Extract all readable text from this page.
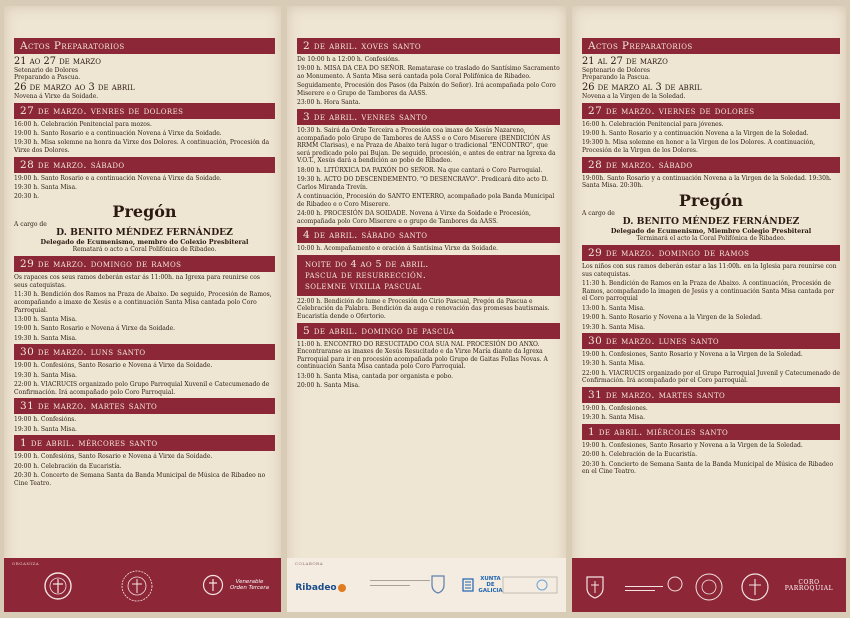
Actos Preparatorios
21 ao 27 de marzo
Setenario de Dolores
Preparando a Pascua.
26 de marzo ao 3 de abril
Novena á Virxe da Soidade.
27 de marzo. venres de dolores
16:00 h. Celebración Penitencial para mozos.
19:00 h. Santo Rosario e a continuación Novena á Virxe da Soidade.
19:30 h. Misa solemne na honra da Virxe dos Dolores. A continuación, Procesión da Virxe dos Dolores.
28 de marzo. sábado
19:00 h. Santo Rosario e a continuación Novena á Virxe da Soidade.
19:30 h. Santa Misa.
20:30 h.
Pregón
A cargo de
D. BENITO MÉNDEZ FERNÁNDEZ
Delegado de Ecumenismo, membro do Colexio Presbiteral
Rematará o acto a Coral Polifónica de Ribadeo.
29 de marzo. domingo de ramos
Os rapaces cos seus ramos deberán estar ás 11:00h. na Igrexa para reunirse cos seus catequistas.
11:30 h. Bendición dos Ramos na Praza de Abaixo. De seguido, Procesión de Ramos, acompañando a imaxe de Xesús e a continuación Santa Misa cantada polo Coro Parroquial.
13:00 h. Santa Misa.
19:00 h. Santo Rosario e Novena á Virxe da Soidade.
19:30 h. Santa Misa.
30 de marzo. luns santo
19:00 h. Confesións, Santo Rosario e Novena á Virxe da Soidade.
19:30 h. Santa Misa.
22:00 h. VIACRUCIS organizado polo Grupo Parroquial Xuvenil e Catecumenado de Confirmación. Irá acompañado polo Coro Parroquial.
31 de marzo. martes santo
19:00 h. Confesións.
19:30 h. Santa Misa.
1 de abril. mércores santo
19:00 h. Confesións, Santo Rosario e Novena á Virxe da Soidade.
20:00 h. Celebración da Eucaristía.
20:30 h. Concerto de Semana Santa da Banda Municipal de Música de Ribadeo no Cine Teatro.
ORGANIZA
Venerable Orden Tercera
2 de abril. xoves santo
De 10:00 h a 12:00 h. Confesións.
19:00 h. MISA DA CEA DO SEÑOR. Rematarase co traslado do Santísimo Sacramento ao Monumento. A Santa Misa será cantada pola Coral Polifónica de Ribadeo.
Seguidamente, Procesión dos Pasos (da Paixón do Señor). Irá acompañada polo Coro Miserere e o Grupo de Tambores da AASS.
23:00 h. Hora Santa.
3 de abril. venres santo
10:30 h. Sairá da Orde Terceira a Procesión coa imaxe de Xesús Nazareno, acompañado polo Grupo de Tambores de AASS e o Coro Miserere (BENDICIÓN ÁS RRMM Clarisas), e na Praza de Abaixo terá lugar o tradicional "ENCONTRO", que será predicado polo pai Bujan. De seguido, procesión, e antes de entrar na Igrexa da V.O.T., Xesús dará a bendición ao pobo de Ribadeo.
18:00 h. LITÚRXICA DA PAIXÓN DO SEÑOR. Na que cantará o Coro Parroquial.
19:30 h. ACTO DO DESCENDEMENTO. "O DESENCRAVO". Predicará dito acto D. Carlos Miranda Trevín.
A continuación, Procesión do SANTO ENTERRO, acompañado pola Banda Municipal de Ribadeo e o Coro Miserere.
24:00 h. PROCESIÓN DA SOIDADE. Novena á Virxe da Soidade e Procesión, acompañada polo Coro Miserere e o grupo de Tambores da AASS.
4 de abril. sábado santo
10:00 h. Acompañamento e oración á Santísima Virxe da Soidade.
noite do 4 ao 5 de abril.
pascua de resurrección.
solemne vixilia pascual
22:00 h. Bendición do lume e Procesión do Cirio Pascual, Pregón da Pascua e Celebración da Palabra. Bendición da auga e renovación das promesas bautismais. Eucaristía dende o Ofertorio.
5 de abril. domingo de pascua
11:00 h. ENCONTRO DO RESUCITADO COA SUA NAI. PROCESIÓN DO ANXO. Encontraranse as imaxes de Xesús Resucitado e da Virxe María diante da Igrexa Parroquial para ir en procesión acompañada polo Grupo de Gaitas Follas Novas. A continuación Santa Misa cantada polo Coro Parroquial.
13:00 h. Santa Misa, cantada por organista e pobo.
20:00 h. Santa Misa.
COLABORA
Ribadeo
XUNTA DE GALICIA
Actos Preparatorios
21 al 27 de marzo
Septenario de Dolores
Preparando la Pascua.
26 de marzo al 3 de abril
Novena a la Virgen de la Soledad.
27 de marzo. viernes de dolores
16:00 h. Celebración Penitencial para jóvenes.
19:00 h. Santo Rosario y a continuación Novena a la Virgen de la Soledad.
19:300 h. Misa solemne en honor a la Virgen de los Dolores. A continuación, Procesión de la Virgen de los Dolores.
28 de marzo. sábado
19:00h. Santo Rosario y a continuación Novena a la Virgen de la Soledad. 19:30h. Santa Misa. 20:30h.
Pregón
A cargo de
D. BENITO MÉNDEZ FERNÁNDEZ
Delegado de Ecumenismo, Miembro Colegio Presbiteral
Terminará el acto la Coral Polifónica de Ribadeo.
29 de marzo. domingo de ramos
Los niños con sus ramos deberán estar a las 11:00h. en la Iglesia para reunirse con sus catequistas.
11:30 h. Bendición de Ramos en la Praza de Abaixo. A continuación, Procesión de Ramos, acompañando la imagen de Jesús y a continuación Santa Misa cantada por el Coro parroquial
13:00 h. Santa Misa.
19:00 h. Santo Rosario y Novena a la Virgen de la Soledad.
19:30 h. Santa Misa.
30 de marzo. lunes santo
19:00 h. Confesiones, Santo Rosario y Novena a la Virgen de la Soledad.
19:30 h. Santa Misa.
22:00 h. VIACRUCIS organizado por el Grupo Parroquial Juvenil y Catecumenado de Confirmación. Irá acompañado por el Coro parroquial.
31 de marzo. martes santo
19:00 h. Confesiones.
19:30 h. Santa Misa.
1 de abril. miércoles santo
19:00 h. Confesiones, Santo Rosario y Novena a la Virgen de la Soledad.
20:00 h. Celebración de la Eucaristía.
20:30 h. Concierto de Semana Santa de la Banda Municipal de Música de Ribadeo en el Cine Teatro.
CORO PARROQUIAL
